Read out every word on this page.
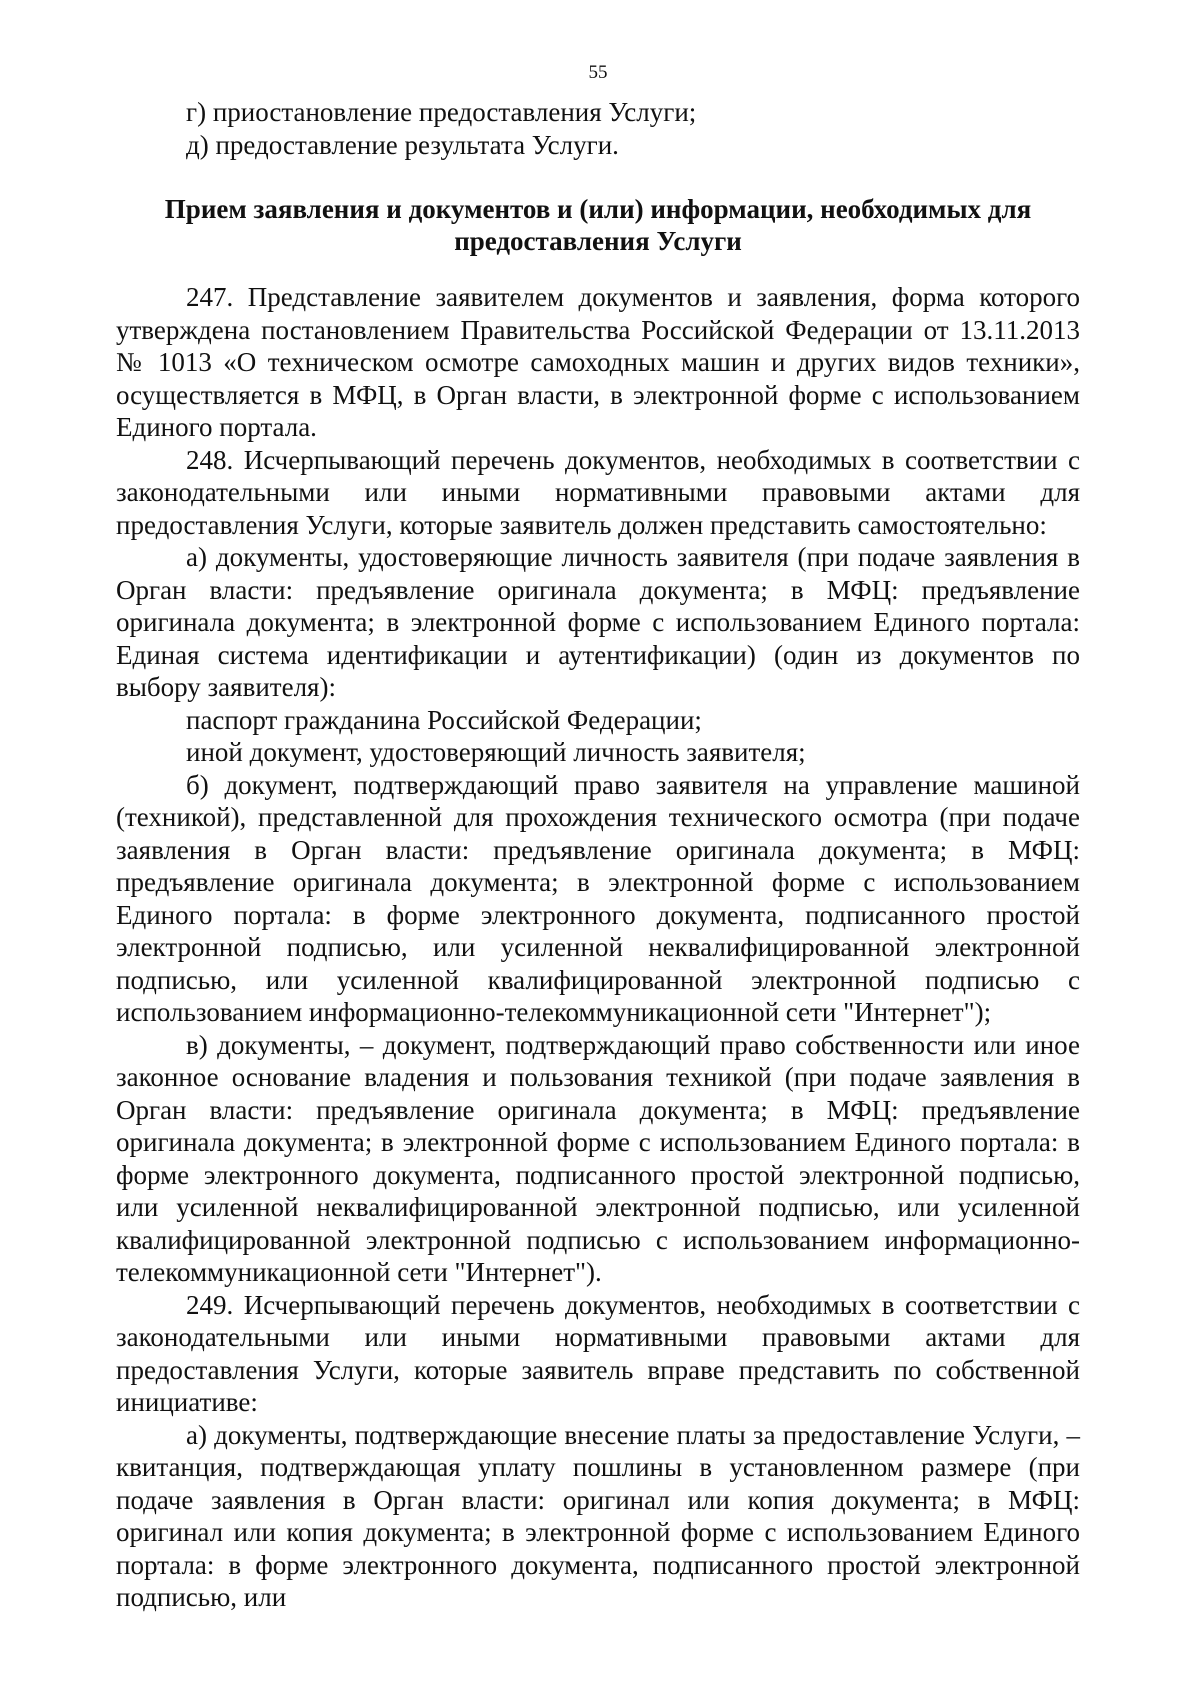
55

г) приостановление предоставления Услуги;

д) предоставление результата Услуги.

Прием заявления и документов и (или) информации, необходимых для предоставления Услуги

247. Представление заявителем документов и заявления, форма которого утверждена постановлением Правительства Российской Федерации от 13.11.2013 № 1013 «О техническом осмотре самоходных машин и других видов техники», осуществляется в МФЦ, в Орган власти, в электронной форме с использованием Единого портала.

248. Исчерпывающий перечень документов, необходимых в соответствии с законодательными или иными нормативными правовыми актами для предоставления Услуги, которые заявитель должен представить самостоятельно:

а) документы, удостоверяющие личность заявителя (при подаче заявления в Орган власти: предъявление оригинала документа; в МФЦ: предъявление оригинала документа; в электронной форме с использованием Единого портала: Единая система идентификации и аутентификации) (один из документов по выбору заявителя):

паспорт гражданина Российской Федерации;

иной документ, удостоверяющий личность заявителя;

б) документ, подтверждающий право заявителя на управление машиной (техникой), представленной для прохождения технического осмотра (при подаче заявления в Орган власти: предъявление оригинала документа; в МФЦ: предъявление оригинала документа; в электронной форме с использованием Единого портала: в форме электронного документа, подписанного простой электронной подписью, или усиленной неквалифицированной электронной подписью, или усиленной квалифицированной электронной подписью с использованием информационно-телекоммуникационной сети "Интернет");

в) документы, – документ, подтверждающий право собственности или иное законное основание владения и пользования техникой (при подаче заявления в Орган власти: предъявление оригинала документа; в МФЦ: предъявление оригинала документа; в электронной форме с использованием Единого портала: в форме электронного документа, подписанного простой электронной подписью, или усиленной неквалифицированной электронной подписью, или усиленной квалифицированной электронной подписью с использованием информационно-телекоммуникационной сети "Интернет").

249. Исчерпывающий перечень документов, необходимых в соответствии с законодательными или иными нормативными правовыми актами для предоставления Услуги, которые заявитель вправе представить по собственной инициативе:

а) документы, подтверждающие внесение платы за предоставление Услуги, – квитанция, подтверждающая уплату пошлины в установленном размере (при подаче заявления в Орган власти: оригинал или копия документа; в МФЦ: оригинал или копия документа; в электронной форме с использованием Единого портала: в форме электронного документа, подписанного простой электронной подписью, или
